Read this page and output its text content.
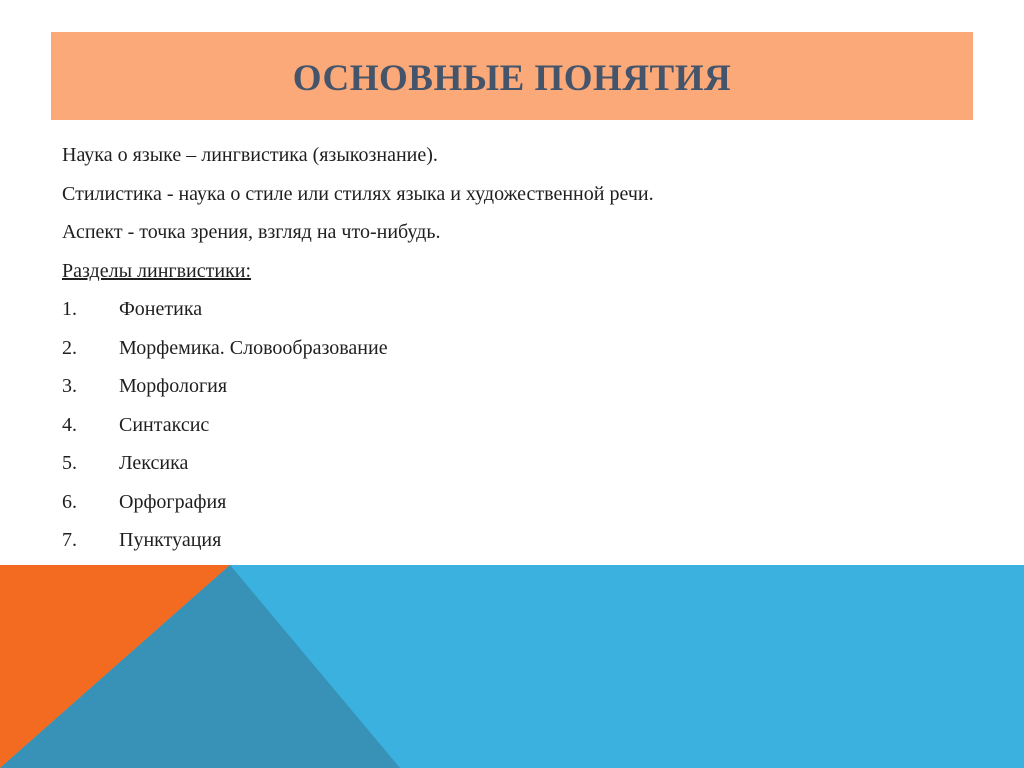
ОСНОВНЫЕ ПОНЯТИЯ

Наука о языке – лингвистика (языкознание).

Стилистика - наука о стиле или стилях языка и художественной речи.

Аспект - точка зрения, взгляд на что-нибудь.

Разделы лингвистики:

1.	Фонетика
2.	Морфемика. Словообразование
3.	Морфология
4.	Синтаксис
5.	Лексика
6.	Орфография
7.	Пунктуация
